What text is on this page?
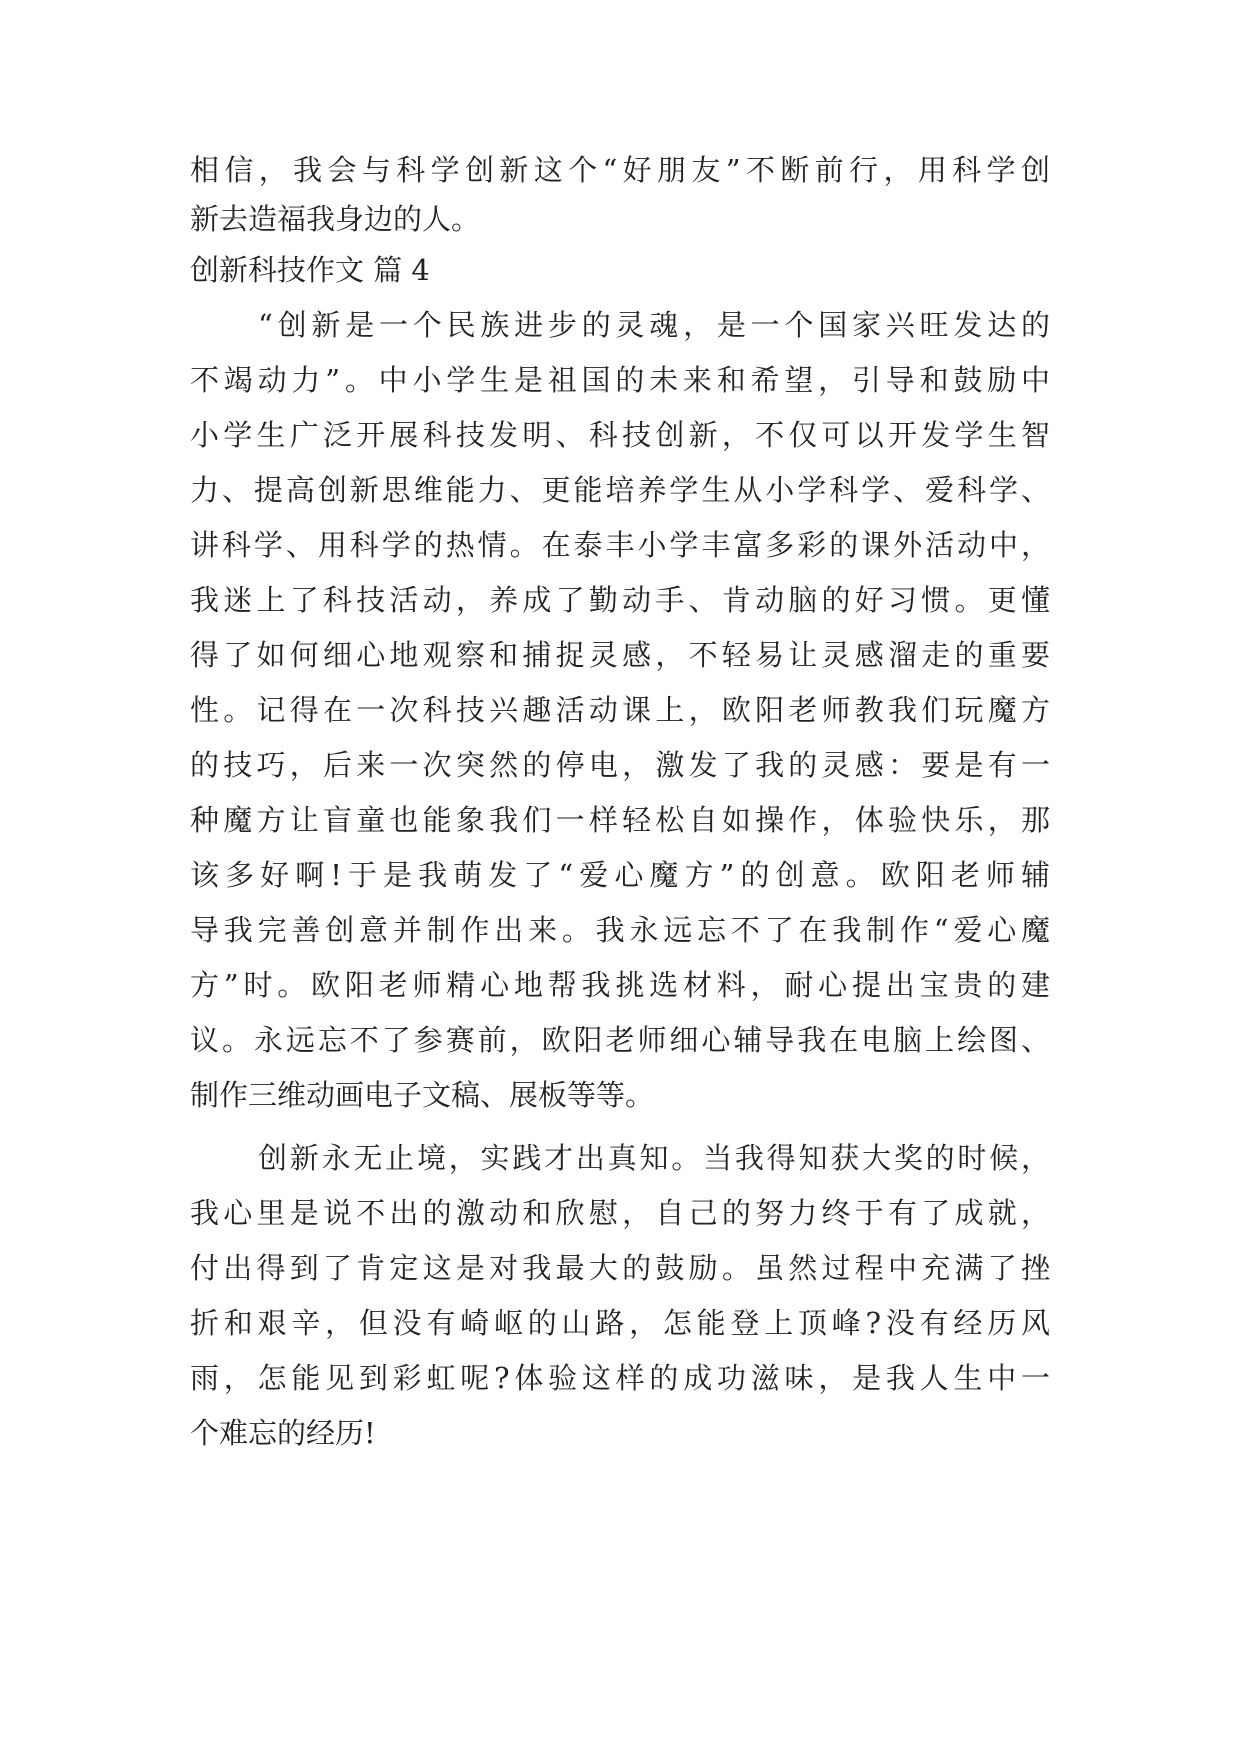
相信，我会与科学创新这个“好朋友”不断前行，用科学创
新去造福我身边的人。
创新科技作文 篇 4
“创新是一个民族进步的灵魂，是一个国家兴旺发达的
不竭动力”。中小学生是祖国的未来和希望，引导和鼓励中
小学生广泛开展科技发明、科技创新，不仅可以开发学生智
力、提高创新思维能力、更能培养学生从小学科学、爱科学、
讲科学、用科学的热情。在泰丰小学丰富多彩的课外活动中，
我迷上了科技活动，养成了勤动手、肯动脑的好习惯。更懂
得了如何细心地观察和捕捉灵感，不轻易让灵感溜走的重要
性。记得在一次科技兴趣活动课上，欧阳老师教我们玩魔方
的技巧，后来一次突然的停电，激发了我的灵感：要是有一
种魔方让盲童也能象我们一样轻松自如操作，体验快乐，那
该多好啊!于是我萌发了“爱心魔方”的创意。欧阳老师辅
导我完善创意并制作出来。我永远忘不了在我制作“爱心魔
方”时。欧阳老师精心地帮我挑选材料，耐心提出宝贵的建
议。永远忘不了参赛前，欧阳老师细心辅导我在电脑上绘图、
制作三维动画电子文稿、展板等等。
创新永无止境，实践才出真知。当我得知获大奖的时候，
我心里是说不出的激动和欣慰，自己的努力终于有了成就，
付出得到了肯定这是对我最大的鼓励。虽然过程中充满了挫
折和艰辛，但没有崎岖的山路，怎能登上顶峰?没有经历风
雨，怎能见到彩虹呢?体验这样的成功滋味，是我人生中一
个难忘的经历!
